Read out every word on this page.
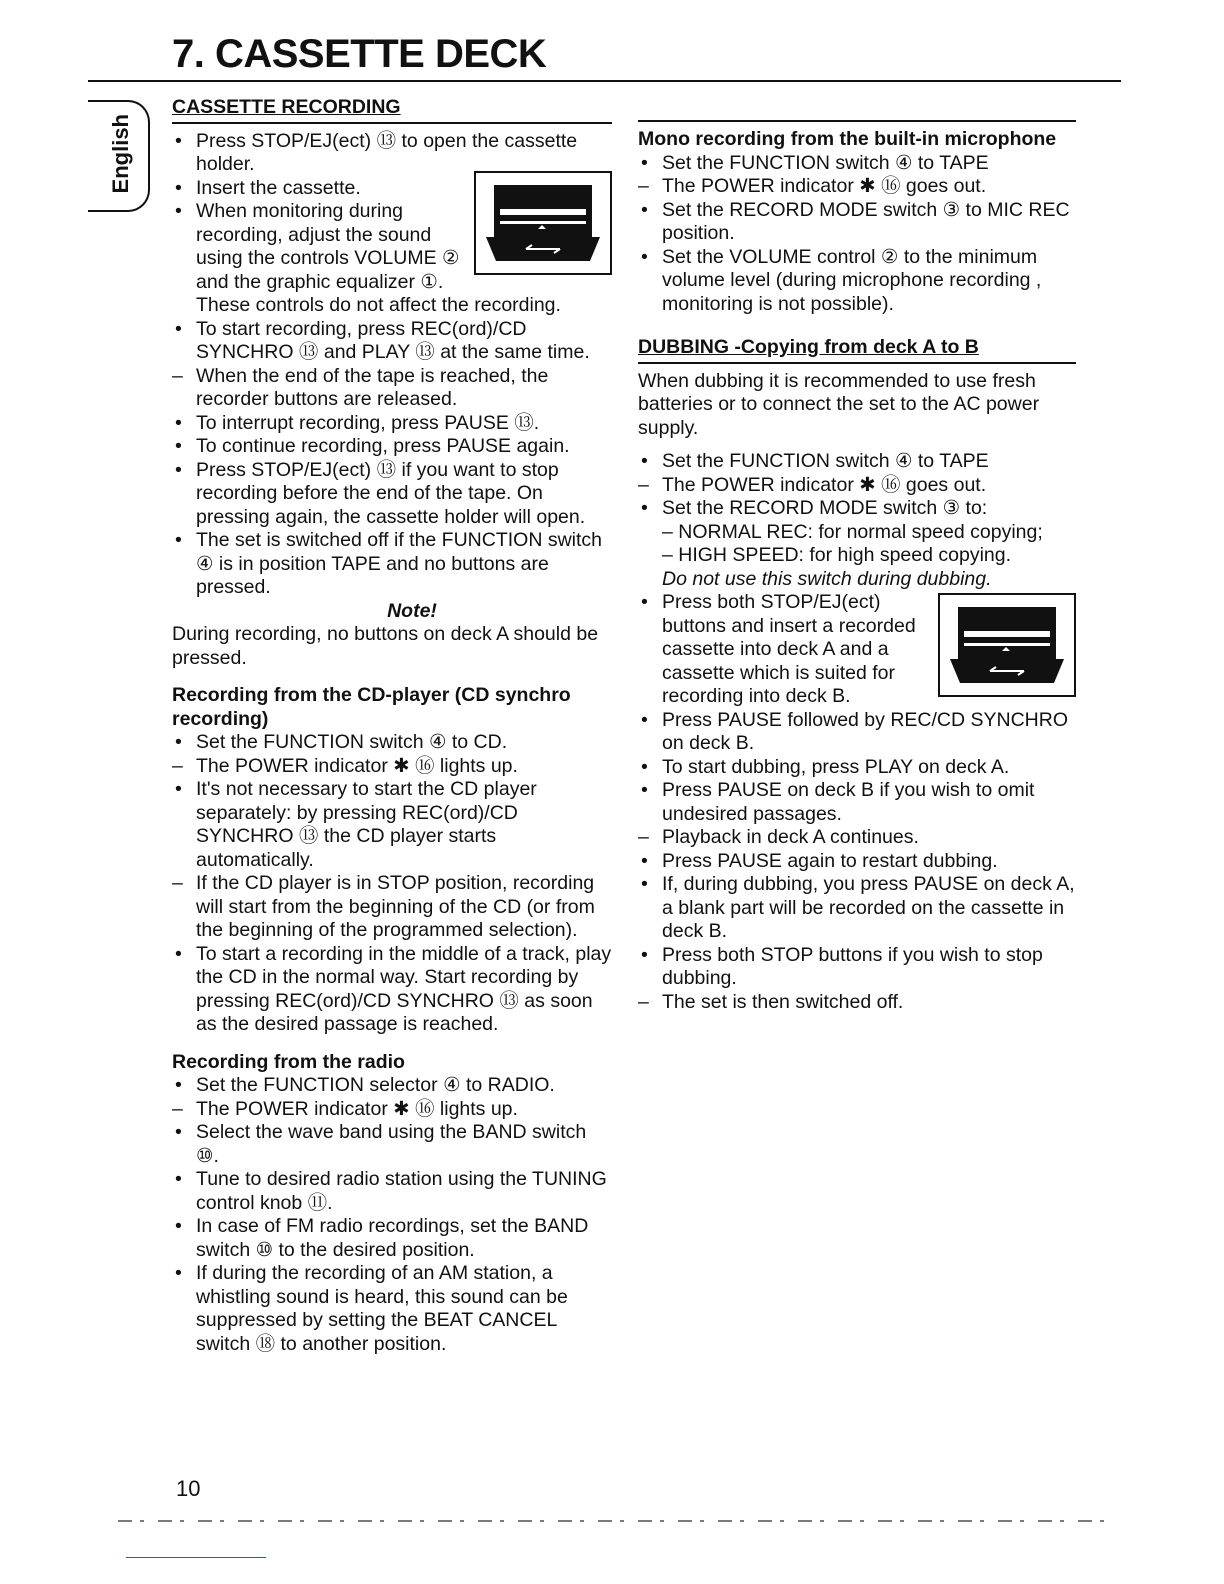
7. CASSETTE DECK
English

CASSETTE RECORDING

• Press STOP/EJ(ect) ⑬ to open the cassette holder.
• Insert the cassette.
• When monitoring during recording, adjust the sound using the controls VOLUME ② and the graphic equalizer ①. These controls do not affect the recording.
• To start recording, press REC(ord)/CD SYNCHRO ⑬ and PLAY ⑬ at the same time.
– When the end of the tape is reached, the recorder buttons are released.
• To interrupt recording, press PAUSE ⑬.
• To continue recording, press PAUSE again.
• Press STOP/EJ(ect) ⑬ if you want to stop recording before the end of the tape. On pressing again, the cassette holder will open.
• The set is switched off if the FUNCTION switch ④ is in position TAPE and no buttons are pressed.

Note!

During recording, no buttons on deck A should be pressed.

Recording from the CD-player (CD synchro recording)

• Set the FUNCTION switch ④ to CD.
– The POWER indicator ✱ ⑯ lights up.
• It's not necessary to start the CD player separately: by pressing REC(ord)/CD SYNCHRO ⑬ the CD player starts automatically.
– If the CD player is in STOP position, recording will start from the beginning of the CD (or from the beginning of the programmed selection).
• To start a recording in the middle of a track, play the CD in the normal way. Start recording by pressing REC(ord)/CD SYNCHRO ⑬ as soon as the desired passage is reached.

Recording from the radio

• Set the FUNCTION selector ④ to RADIO.
– The POWER indicator ✱ ⑯ lights up.
• Select the wave band using the BAND switch ⑩.
• Tune to desired radio station using the TUNING control knob ⑪.
• In case of FM radio recordings, set the BAND switch ⑩ to the desired position.
• If during the recording of an AM station, a whistling sound is heard, this sound can be suppressed by setting the BEAT CANCEL switch ⑱ to another position.

Mono recording from the built-in microphone

• Set the FUNCTION switch ④ to TAPE
– The POWER indicator ✱ ⑯ goes out.
• Set the RECORD MODE switch ③ to MIC REC position.
• Set the VOLUME control ② to the minimum volume level (during microphone recording , monitoring is not possible).

DUBBING -Copying from deck A to B

When dubbing it is recommended to use fresh batteries or to connect the set to the AC power supply.

• Set the FUNCTION switch ④ to TAPE
– The POWER indicator ✱ ⑯ goes out.
• Set the RECORD MODE switch ③ to:
– NORMAL REC: for normal speed copying;
– HIGH SPEED: for high speed copying.
Do not use this switch during dubbing.
• Press both STOP/EJ(ect) buttons and insert a recorded cassette into deck A and a cassette which is suited for recording into deck B.
• Press PAUSE followed by REC/CD SYNCHRO on deck B.
• To start dubbing, press PLAY on deck A.
• Press PAUSE on deck B if you wish to omit undesired passages.
– Playback in deck A continues.
• Press PAUSE again to restart dubbing.
• If, during dubbing, you press PAUSE on deck A, a blank part will be recorded on the cassette in deck B.
• Press both STOP buttons if you wish to stop dubbing.
– The set is then switched off.
10
